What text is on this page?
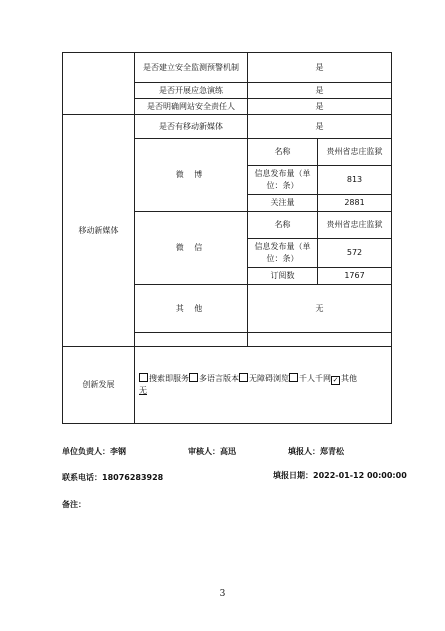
	是否建立安全监测预警机制	是	
	是否开展应急演练	是	
	是否明确网站安全责任人	是	
移动新媒体	是否有移动新媒体	是	
	微 博	名称	贵州省忠庄监狱
		信息发布量（单位：条）	813
		关注量	2881
	微 信	名称	贵州省忠庄监狱
		信息发布量（单位：条）	572
		订阅数	1767
	其 他	无	

创新发展	搜索即服务 多语言版本 无障碍浏览 千人千网 ✓ 其他
无		
单位负责人：李钢	审核人：高迅	填报人：郑青松
联系电话：18076283928	填报日期：2022-01-12 00:00:00
备注：
3
